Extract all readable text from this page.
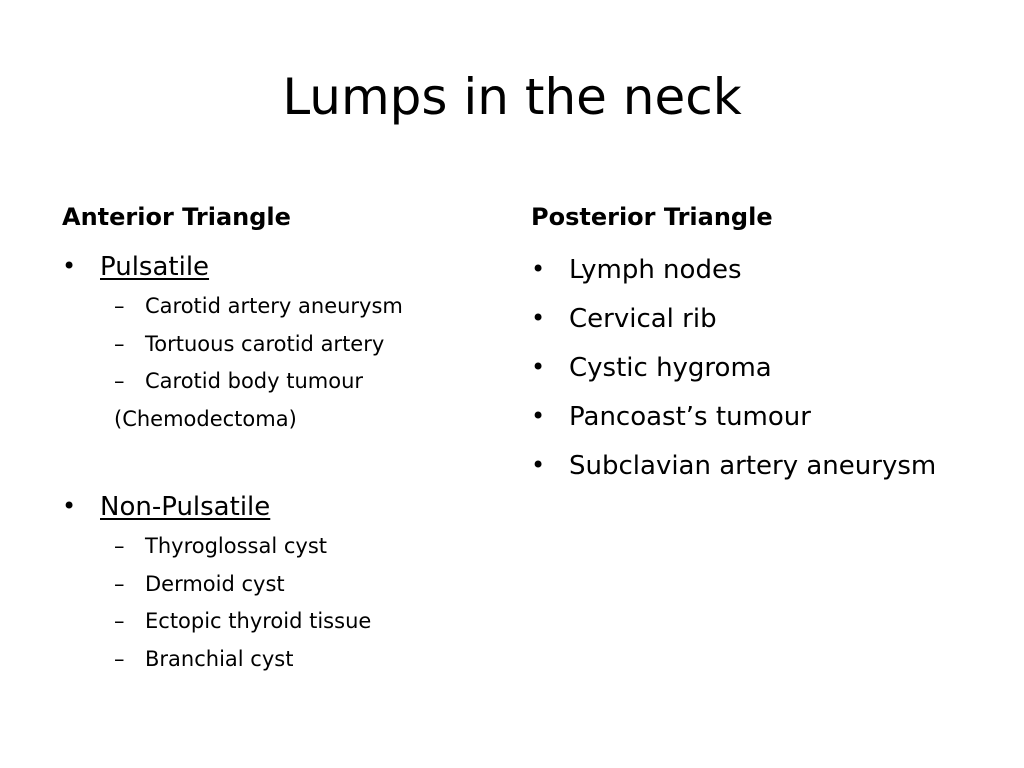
Lumps in the neck
Anterior Triangle
• Pulsatile
– Carotid artery aneurysm
– Tortuous carotid artery
– Carotid body tumour
(Chemodectoma)
• Non-Pulsatile
– Thyroglossal cyst
– Dermoid cyst
– Ectopic thyroid tissue
– Branchial cyst
Posterior Triangle
• Lymph nodes
• Cervical rib
• Cystic hygroma
• Pancoast’s tumour
• Subclavian artery aneurysm
